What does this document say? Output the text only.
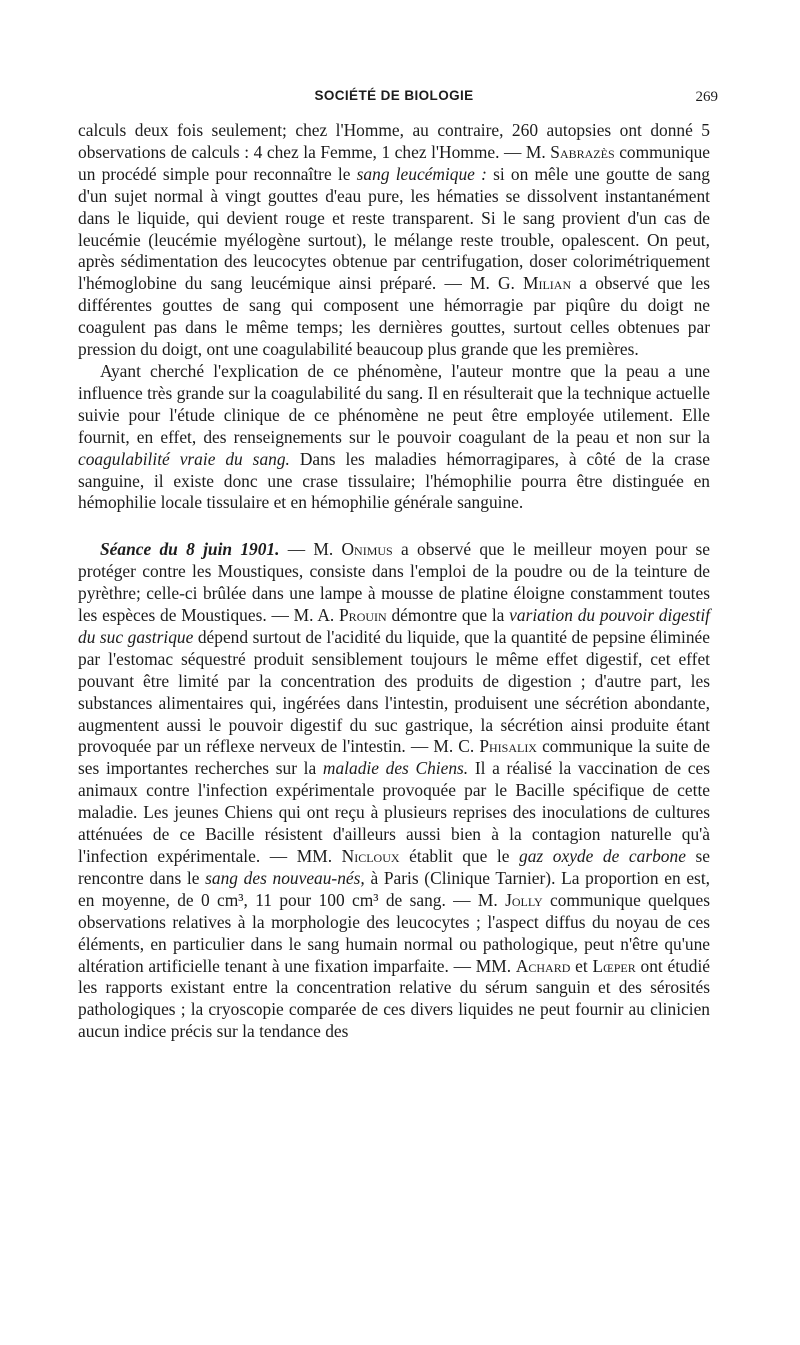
SOCIÉTÉ DE BIOLOGIE	269

calculs deux fois seulement; chez l'Homme, au contraire, 260 autopsies ont donné 5 observations de calculs : 4 chez la Femme, 1 chez l'Homme. — M. Sabrazès communique un procédé simple pour reconnaître le sang leucémique : si on mêle une goutte de sang d'un sujet normal à vingt gouttes d'eau pure, les hématies se dissolvent instantanément dans le liquide, qui devient rouge et reste transparent. Si le sang provient d'un cas de leucémie (leucémie myélogène surtout), le mélange reste trouble, opalescent. On peut, après sédimentation des leucocytes obtenue par centrifugation, doser colorimétriquement l'hémoglobine du sang leucémique ainsi préparé. — M. G. Milian a observé que les différentes gouttes de sang qui composent une hémorragie par piqûre du doigt ne coagulent pas dans le même temps; les dernières gouttes, surtout celles obtenues par pression du doigt, ont une coagulabilité beaucoup plus grande que les premières.

Ayant cherché l'explication de ce phénomène, l'auteur montre que la peau a une influence très grande sur la coagulabilité du sang. Il en résulterait que la technique actuelle suivie pour l'étude clinique de ce phénomène ne peut être employée utilement. Elle fournit, en effet, des renseignements sur le pouvoir coagulant de la peau et non sur la coagulabilité vraie du sang. Dans les maladies hémorragipares, à côté de la crase sanguine, il existe donc une crase tissulaire; l'hémophilie pourra être distinguée en hémophilie locale tissulaire et en hémophilie générale sanguine.

Séance du 8 juin 1901. — M. Onimus a observé que le meilleur moyen pour se protéger contre les Moustiques, consiste dans l'emploi de la poudre ou de la teinture de pyrèthre; celle-ci brûlée dans une lampe à mousse de platine éloigne constamment toutes les espèces de Moustiques. — M. A. Prouin démontre que la variation du pouvoir digestif du suc gastrique dépend surtout de l'acidité du liquide, que la quantité de pepsine éliminée par l'estomac séquestré produit sensiblement toujours le même effet digestif, cet effet pouvant être limité par la concentration des produits de digestion ; d'autre part, les substances alimentaires qui, ingérées dans l'intestin, produisent une sécrétion abondante, augmentent aussi le pouvoir digestif du suc gastrique, la sécrétion ainsi produite étant provoquée par un réflexe nerveux de l'intestin. — M. C. Phisalix communique la suite de ses importantes recherches sur la maladie des Chiens. Il a réalisé la vaccination de ces animaux contre l'infection expérimentale provoquée par le Bacille spécifique de cette maladie. Les jeunes Chiens qui ont reçu à plusieurs reprises des inoculations de cultures atténuées de ce Bacille résistent d'ailleurs aussi bien à la contagion naturelle qu'à l'infection expérimentale. — MM. Nicloux établit que le gaz oxyde de carbone se rencontre dans le sang des nouveau-nés, à Paris (Clinique Tarnier). La proportion en est, en moyenne, de 0 cm³, 11 pour 100 cm³ de sang. — M. Jolly communique quelques observations relatives à la morphologie des leucocytes ; l'aspect diffus du noyau de ces éléments, en particulier dans le sang humain normal ou pathologique, peut n'être qu'une altération artificielle tenant à une fixation imparfaite. — MM. Achard et Lœper ont étudié les rapports existant entre la concentration relative du sérum sanguin et des sérosités pathologiques ; la cryoscopie comparée de ces divers liquides ne peut fournir au clinicien aucun indice précis sur la tendance des
